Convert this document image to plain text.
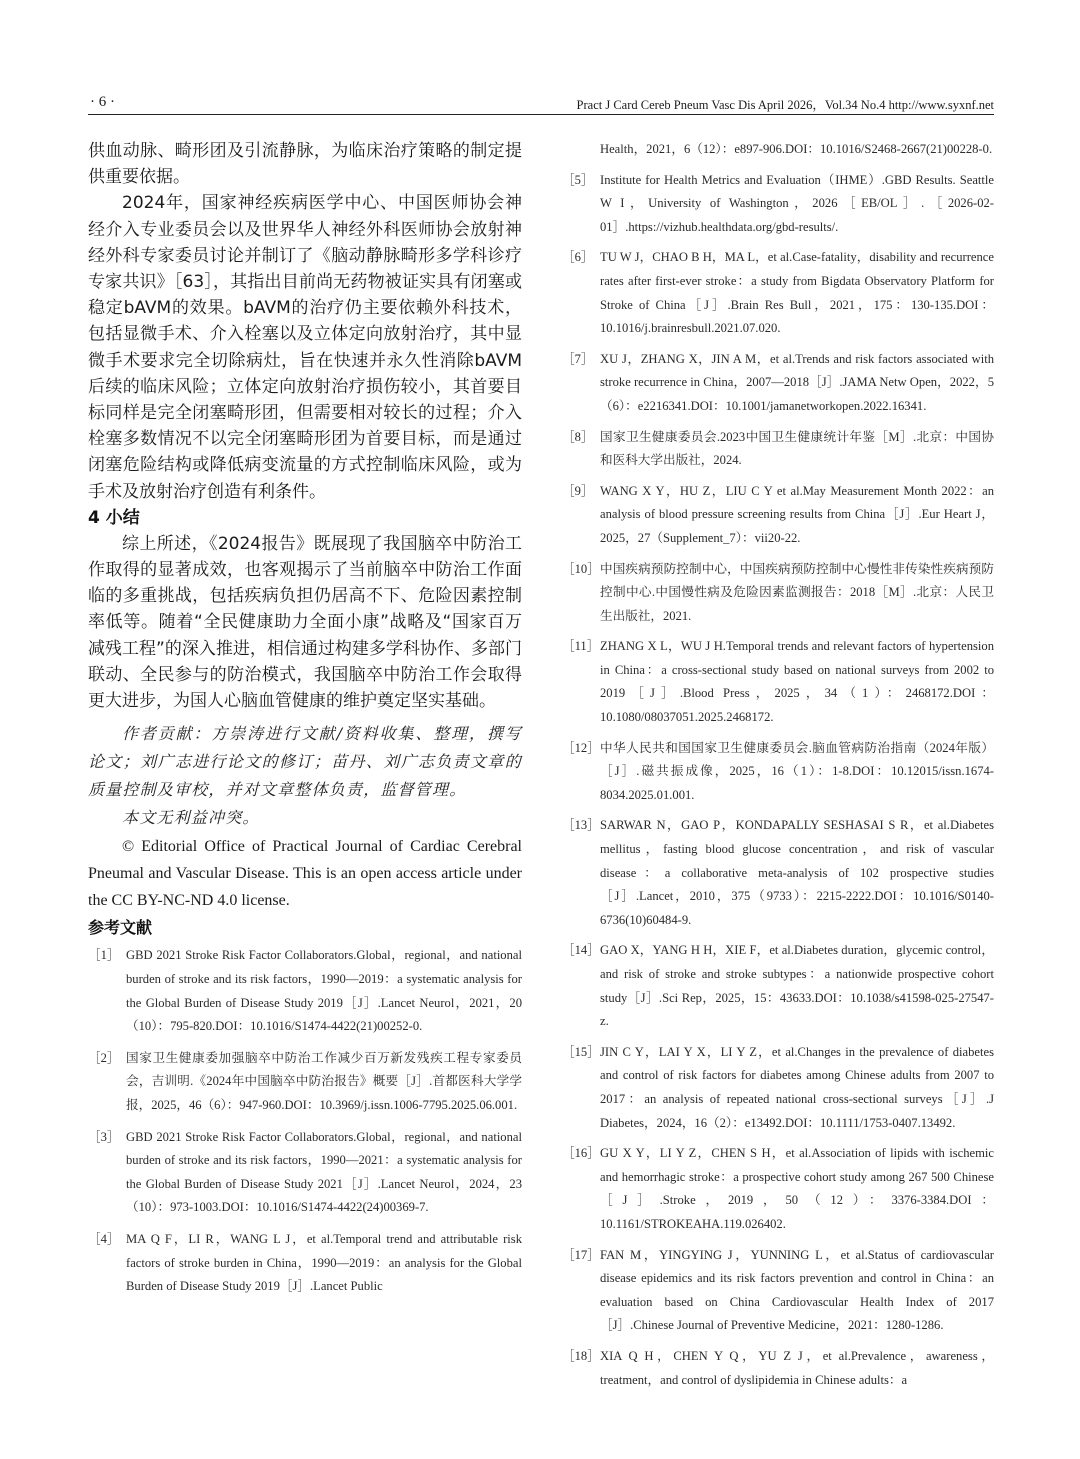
· 6 ·	Pract J Card Cereb Pneum Vasc Dis April 2026，Vol.34 No.4 http://www.syxnf.net

供血动脉、畸形团及引流静脉，为临床治疗策略的制定提供重要依据。

2024年，国家神经疾病医学中心、中国医师协会神经介入专业委员会以及世界华人神经外科医师协会放射神经外科专家委员讨论并制订了《脑动静脉畸形多学科诊疗专家共识》［63］，其指出目前尚无药物被证实具有闭塞或稳定bAVM的效果。bAVM的治疗仍主要依赖外科技术，包括显微手术、介入栓塞以及立体定向放射治疗，其中显微手术要求完全切除病灶，旨在快速并永久性消除bAVM后续的临床风险；立体定向放射治疗损伤较小，其首要目标同样是完全闭塞畸形团，但需要相对较长的过程；介入栓塞多数情况不以完全闭塞畸形团为首要目标，而是通过闭塞危险结构或降低病变流量的方式控制临床风险，或为手术及放射治疗创造有利条件。

4 小结

综上所述，《2024报告》既展现了我国脑卒中防治工作取得的显著成效，也客观揭示了当前脑卒中防治工作面临的多重挑战，包括疾病负担仍居高不下、危险因素控制率低等。随着“全民健康助力全面小康”战略及“国家百万减残工程”的深入推进，相信通过构建多学科协作、多部门联动、全民参与的防治模式，我国脑卒中防治工作会取得更大进步，为国人心脑血管健康的维护奠定坚实基础。

作者贡献：方崇涛进行文献/资料收集、整理，撰写论文；刘广志进行论文的修订；苗丹、刘广志负责文章的质量控制及审校，并对文章整体负责，监督管理。

本文无利益冲突。

© Editorial Office of Practical Journal of Cardiac Cerebral Pneumal and Vascular Disease. This is an open access article under the CC BY-NC-ND 4.0 license.

参考文献

［1］ GBD 2021 Stroke Risk Factor Collaborators.Global，regional，and national burden of stroke and its risk factors，1990—2019：a systematic analysis for the Global Burden of Disease Study 2019［J］.Lancet Neurol，2021，20（10）：795-820.DOI：10.1016/S1474-4422(21)00252-0.
［2］ 国家卫生健康委加强脑卒中防治工作减少百万新发残疾工程专家委员会，吉训明.《2024年中国脑卒中防治报告》概要［J］.首都医科大学学报，2025，46（6）：947-960.DOI：10.3969/j.issn.1006-7795.2025.06.001.
［3］ GBD 2021 Stroke Risk Factor Collaborators.Global，regional，and national burden of stroke and its risk factors，1990—2021：a systematic analysis for the Global Burden of Disease Study 2021［J］.Lancet Neurol，2024，23（10）：973-1003.DOI：10.1016/S1474-4422(24)00369-7.
［4］ MA Q F，LI R，WANG L J，et al.Temporal trend and attributable risk factors of stroke burden in China，1990—2019：an analysis for the Global Burden of Disease Study 2019［J］.Lancet Public
Health，2021，6（12）：e897-906.DOI：10.1016/S2468-2667(21)00228-0.
［5］ Institute for Health Metrics and Evaluation（IHME）.GBD Results. Seattle W I，University of Washington，2026［EB/OL］.［2026-02-01］.https://vizhub.healthdata.org/gbd-results/.
［6］ TU W J，CHAO B H，MA L，et al.Case-fatality，disability and recurrence rates after first-ever stroke：a study from Bigdata Observatory Platform for Stroke of China［J］.Brain Res Bull，2021，175：130-135.DOI：10.1016/j.brainresbull.2021.07.020.
［7］ XU J，ZHANG X，JIN A M，et al.Trends and risk factors associated with stroke recurrence in China，2007—2018［J］.JAMA Netw Open，2022，5（6）：e2216341.DOI：10.1001/jamanetworkopen.2022.16341.
［8］ 国家卫生健康委员会.2023中国卫生健康统计年鉴［M］.北京：中国协和医科大学出版社，2024.
［9］ WANG X Y，HU Z，LIU C Y et al.May Measurement Month 2022：an analysis of blood pressure screening results from China［J］.Eur Heart J，2025，27（Supplement_7）：vii20-22.
［10］ 中国疾病预防控制中心，中国疾病预防控制中心慢性非传染性疾病预防控制中心.中国慢性病及危险因素监测报告：2018［M］.北京：人民卫生出版社，2021.
［11］ ZHANG X L，WU J H.Temporal trends and relevant factors of hypertension in China：a cross-sectional study based on national surveys from 2002 to 2019［J］.Blood Press，2025，34（1）：2468172.DOI：10.1080/08037051.2025.2468172.
［12］ 中华人民共和国国家卫生健康委员会.脑血管病防治指南（2024年版）［J］.磁共振成像，2025，16（1）：1-8.DOI：10.12015/issn.1674-8034.2025.01.001.
［13］ SARWAR N，GAO P，KONDAPALLY SESHASAI S R，et al.Diabetes mellitus，fasting blood glucose concentration，and risk of vascular disease：a collaborative meta-analysis of 102 prospective studies［J］.Lancet，2010，375（9733）：2215-2222.DOI：10.1016/S0140-6736(10)60484-9.
［14］ GAO X，YANG H H，XIE F，et al.Diabetes duration，glycemic control，and risk of stroke and stroke subtypes：a nationwide prospective cohort study［J］.Sci Rep，2025，15：43633.DOI：10.1038/s41598-025-27547-z.
［15］ JIN C Y，LAI Y X，LI Y Z，et al.Changes in the prevalence of diabetes and control of risk factors for diabetes among Chinese adults from 2007 to 2017：an analysis of repeated national cross-sectional surveys［J］.J Diabetes，2024，16（2）：e13492.DOI：10.1111/1753-0407.13492.
［16］ GU X Y，LI Y Z，CHEN S H，et al.Association of lipids with ischemic and hemorrhagic stroke：a prospective cohort study among 267 500 Chinese［J］.Stroke，2019，50（12）：3376-3384.DOI：10.1161/STROKEAHA.119.026402.
［17］ FAN M，YINGYING J，YUNNING L，et al.Status of cardiovascular disease epidemics and its risk factors prevention and control in China：an evaluation based on China Cardiovascular Health Index of 2017［J］.Chinese Journal of Preventive Medicine，2021：1280-1286.
［18］ XIA Q H，CHEN Y Q，YU Z J，et al.Prevalence，awareness，treatment，and control of dyslipidemia in Chinese adults：a
